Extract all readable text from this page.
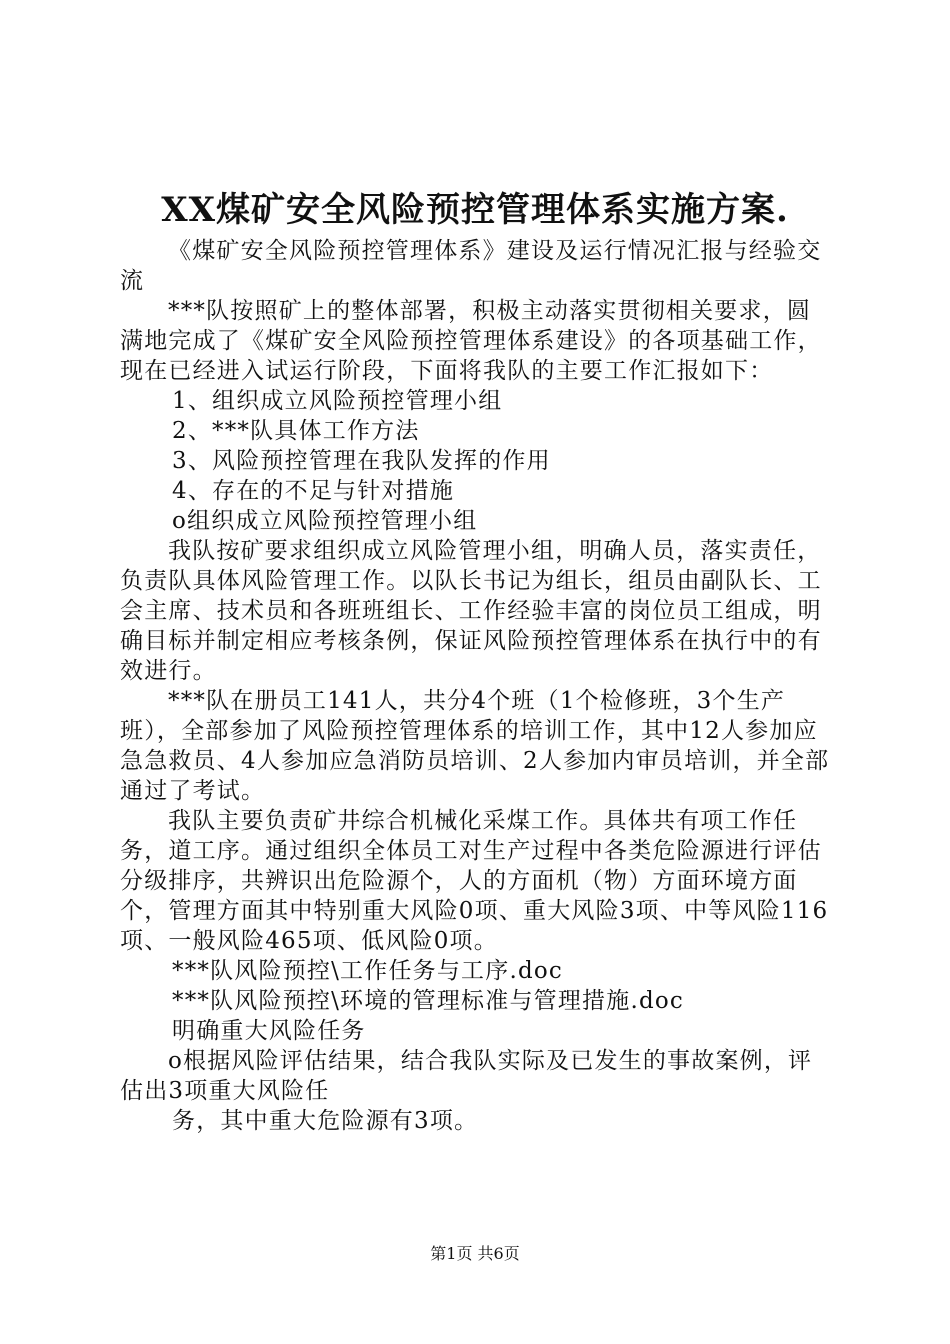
XX煤矿安全风险预控管理体系实施方案.

《煤矿安全风险预控管理体系》建设及运行情况汇报与经验交流

***队按照矿上的整体部署，积极主动落实贯彻相关要求，圆满地完成了《煤矿安全风险预控管理体系建设》的各项基础工作，现在已经进入试运行阶段，下面将我队的主要工作汇报如下：

1、组织成立风险预控管理小组

2、***队具体工作方法

3、风险预控管理在我队发挥的作用

4、存在的不足与针对措施

o组织成立风险预控管理小组

我队按矿要求组织成立风险管理小组，明确人员，落实责任，负责队具体风险管理工作。以队长书记为组长，组员由副队长、工会主席、技术员和各班班组长、工作经验丰富的岗位员工组成，明确目标并制定相应考核条例，保证风险预控管理体系在执行中的有效进行。

***队在册员工141人，共分4个班（1个检修班，3个生产班），全部参加了风险预控管理体系的培训工作，其中12人参加应急急救员、4人参加应急消防员培训、2人参加内审员培训，并全部通过了考试。

我队主要负责矿井综合机械化采煤工作。具体共有项工作任务，道工序。通过组织全体员工对生产过程中各类危险源进行评估分级排序，共辨识出危险源个，人的方面机（物）方面环境方面个，管理方面其中特别重大风险0项、重大风险3项、中等风险116项、一般风险465项、低风险0项。

***队风险预控\工作任务与工序.doc

***队风险预控\环境的管理标准与管理措施.doc

明确重大风险任务

o根据风险评估结果，结合我队实际及已发生的事故案例，评估出3项重大风险任

务，其中重大危险源有3项。

第1页 共6页
